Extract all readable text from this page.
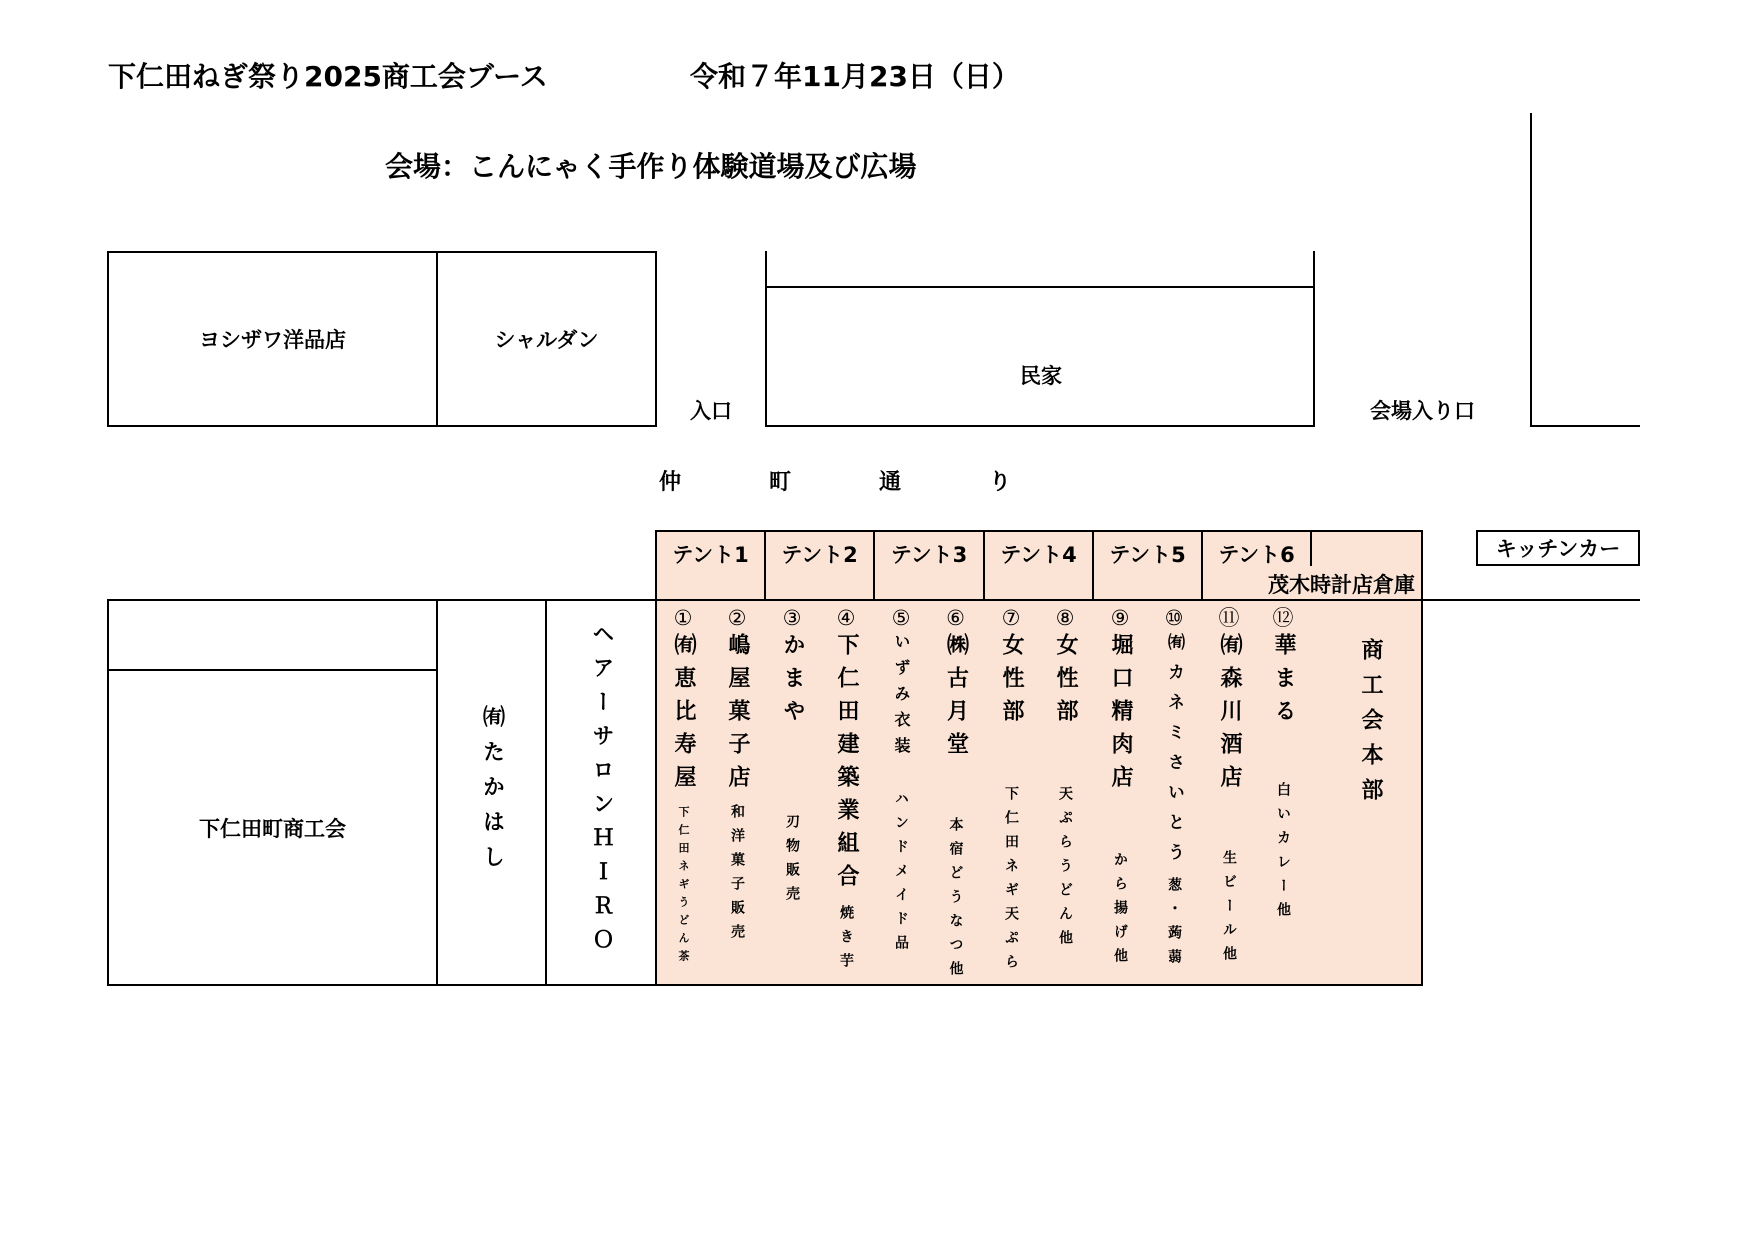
下仁田ねぎ祭り2025商工会ブース	令和７年11月23日（日）
会場：こんにゃく手作り体験道場及び広場
ヨシザワ洋品店	シャルダン
入口
民家
会場入り口
仲	町	通	り
テント1	テント2	テント3	テント4	テント5	テント6
茂木時計店倉庫
キッチンカー
下仁田町商工会	㈲たかはし	ヘアーサロンＨＩＲＯ
①
㈲恵比寿屋
下仁田ネギうどん茶
②
嶋屋菓子店
和洋菓子販売
③
かまや
刃物販売
④
下仁田建築業組合
焼き芋
⑤
いずみ衣装
ハンドメイド品
⑥
㈱古月堂
本宿どうなつ他
⑦
女性部
下仁田ネギ天ぷら
⑧
女性部
天ぷらうどん他
⑨
堀口精肉店
から揚げ他
⑩
㈲カネミさいとう
葱・蒟蒻
⑪
㈲森川酒店
生ビール他
⑫
華まる
白いカレー他
商工会本部
